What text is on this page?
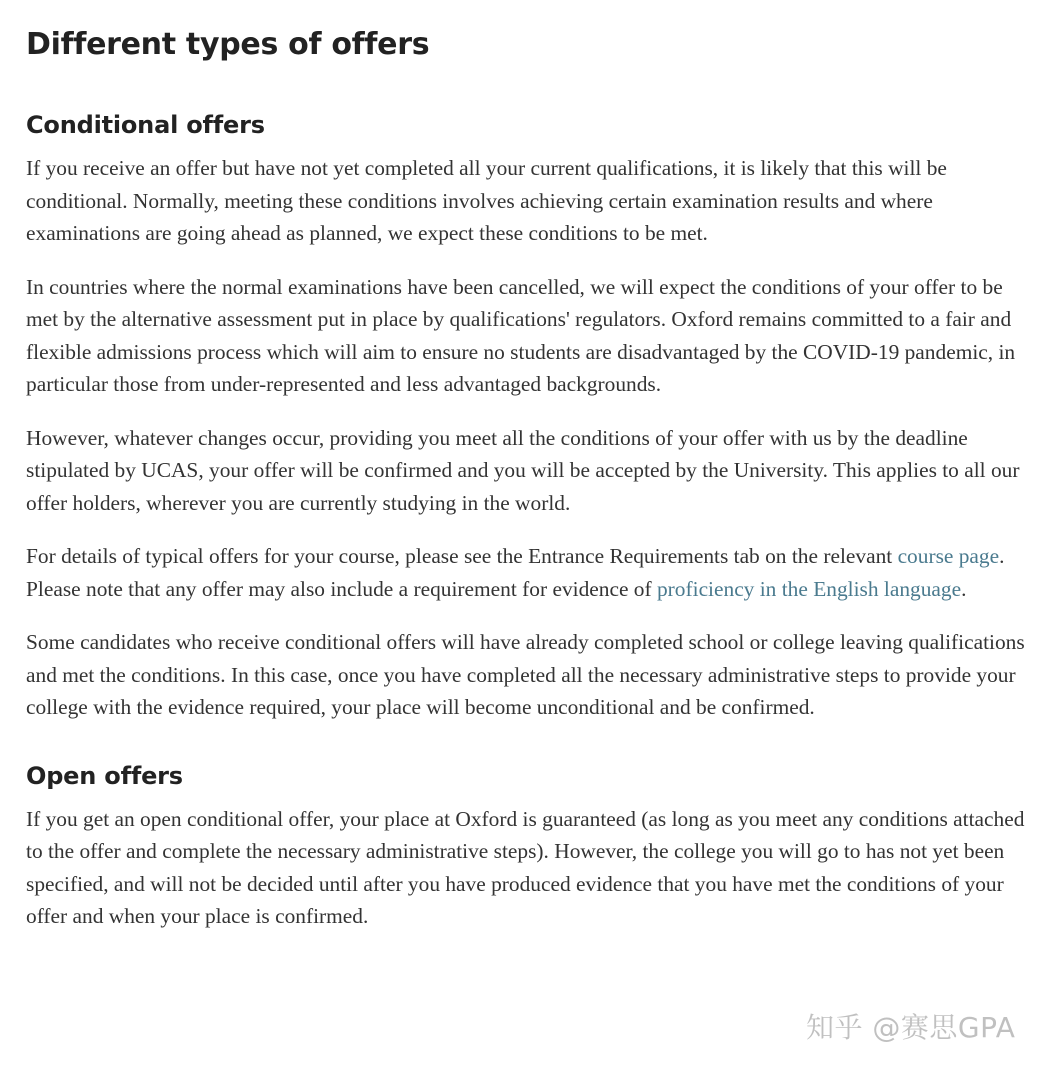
Different types of offers
Conditional offers

If you receive an offer but have not yet completed all your current qualifications, it is likely that this will be conditional. Normally, meeting these conditions involves achieving certain examination results and where examinations are going ahead as planned, we expect these conditions to be met.

In countries where the normal examinations have been cancelled, we will expect the conditions of your offer to be met by the alternative assessment put in place by qualifications' regulators. Oxford remains committed to a fair and flexible admissions process which will aim to ensure no students are disadvantaged by the COVID-19 pandemic, in particular those from under-represented and less advantaged backgrounds.

However, whatever changes occur, providing you meet all the conditions of your offer with us by the deadline stipulated by UCAS, your offer will be confirmed and you will be accepted by the University. This applies to all our offer holders, wherever you are currently studying in the world.

For details of typical offers for your course, please see the Entrance Requirements tab on the relevant course page. Please note that any offer may also include a requirement for evidence of proficiency in the English language.

Some candidates who receive conditional offers will have already completed school or college leaving qualifications and met the conditions. In this case, once you have completed all the necessary administrative steps to provide your college with the evidence required, your place will become unconditional and be confirmed.

Open offers

If you get an open conditional offer, your place at Oxford is guaranteed (as long as you meet any conditions attached to the offer and complete the necessary administrative steps). However, the college you will go to has not yet been specified, and will not be decided until after you have produced evidence that you have met the conditions of your offer and when your place is confirmed.

知乎 @赛思GPA
